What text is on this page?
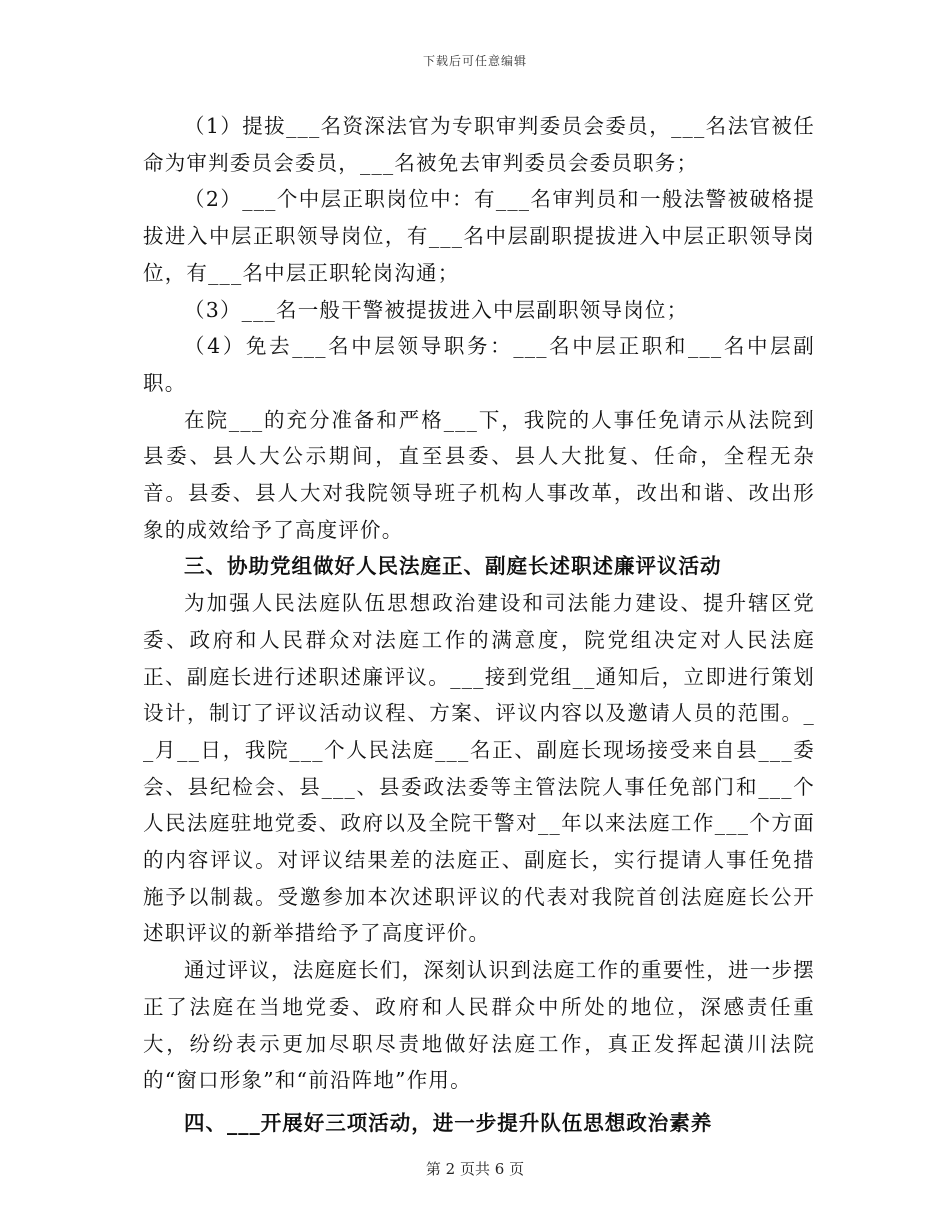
下载后可任意编辑

（1）提拔___名资深法官为专职审判委员会委员，___名法官被任命为审判委员会委员，___名被免去审判委员会委员职务；

（2）___个中层正职岗位中：有___名审判员和一般法警被破格提拔进入中层正职领导岗位，有___名中层副职提拔进入中层正职领导岗位，有___名中层正职轮岗沟通；

（3）___名一般干警被提拔进入中层副职领导岗位；

（4）免去___名中层领导职务：___名中层正职和___名中层副职。

在院___的充分准备和严格___下，我院的人事任免请示从法院到县委、县人大公示期间，直至县委、县人大批复、任命，全程无杂音。县委、县人大对我院领导班子机构人事改革，改出和谐、改出形象的成效给予了高度评价。

三、协助党组做好人民法庭正、副庭长述职述廉评议活动

为加强人民法庭队伍思想政治建设和司法能力建设、提升辖区党委、政府和人民群众对法庭工作的满意度，院党组决定对人民法庭正、副庭长进行述职述廉评议。___接到党组__通知后，立即进行策划设计，制订了评议活动议程、方案、评议内容以及邀请人员的范围。__月__日，我院___个人民法庭___名正、副庭长现场接受来自县___委会、县纪检会、县___、县委政法委等主管法院人事任免部门和___个人民法庭驻地党委、政府以及全院干警对__年以来法庭工作___个方面的内容评议。对评议结果差的法庭正、副庭长，实行提请人事任免措施予以制裁。受邀参加本次述职评议的代表对我院首创法庭庭长公开述职评议的新举措给予了高度评价。

通过评议，法庭庭长们，深刻认识到法庭工作的重要性，进一步摆正了法庭在当地党委、政府和人民群众中所处的地位，深感责任重大，纷纷表示更加尽职尽责地做好法庭工作，真正发挥起潢川法院的“窗口形象”和“前沿阵地”作用。

四、___开展好三项活动，进一步提升队伍思想政治素养

第 2 页共 6 页
